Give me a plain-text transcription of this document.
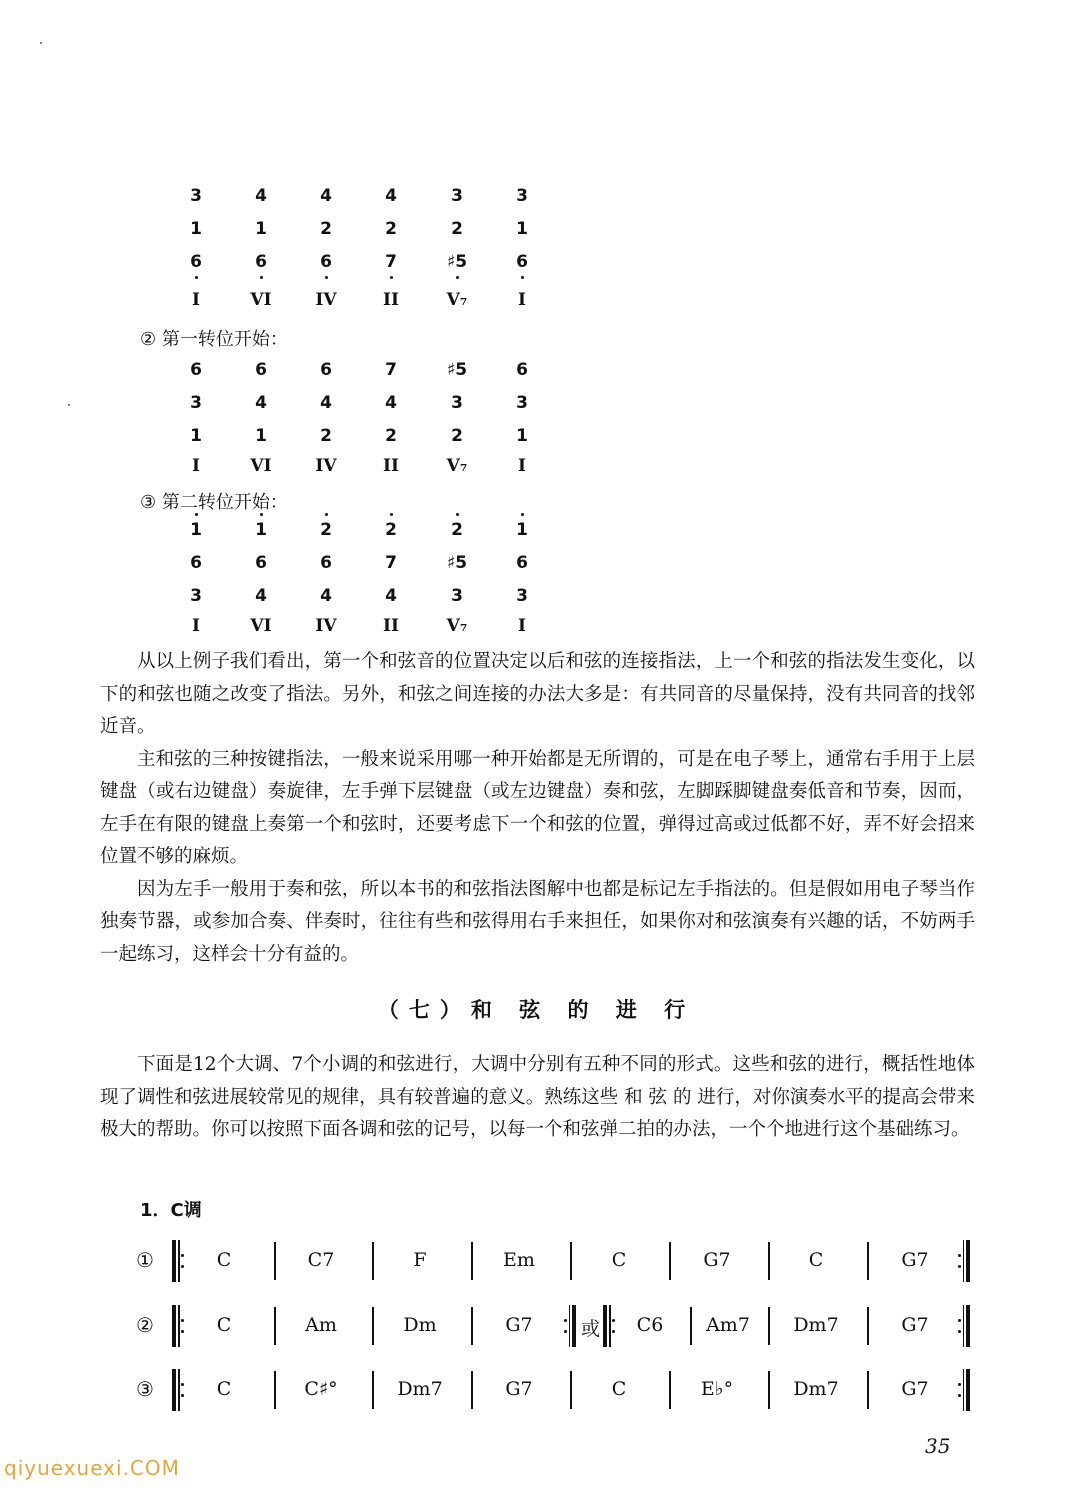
3	4	4	4	3	3
1	1	2	2	2	1
6	6	6	7	♯5	6
I	VI	IV	II	V₇	I
② 第一转位开始：
6	6	6	7	♯5	6
3	4	4	4	3	3
1	1	2	2	2	1
I	VI	IV	II	V₇	I
③ 第二转位开始：
1	1	2	2	2	1
6	6	6	7	♯5	6
3	4	4	4	3	3
I	VI	IV	II	V₇	I

从以上例子我们看出，第一个和弦音的位置决定以后和弦的连接指法，上一个和弦的指法发生变化，以下的和弦也随之改变了指法。另外，和弦之间连接的办法大多是：有共同音的尽量保持，没有共同音的找邻近音。

主和弦的三种按键指法，一般来说采用哪一种开始都是无所谓的，可是在电子琴上，通常右手用于上层键盘（或右边键盘）奏旋律，左手弹下层键盘（或左边键盘）奏和弦，左脚踩脚键盘奏低音和节奏，因而，左手在有限的键盘上奏第一个和弦时，还要考虑下一个和弦的位置，弹得过高或过低都不好，弄不好会招来位置不够的麻烦。

因为左手一般用于奏和弦，所以本书的和弦指法图解中也都是标记左手指法的。但是假如用电子琴当作独奏节器，或参加合奏、伴奏时，往往有些和弦得用右手来担任，如果你对和弦演奏有兴趣的话，不妨两手一起练习，这样会十分有益的。

（七）和 弦 的 进 行

下面是12个大调、7个小调的和弦进行，大调中分别有五种不同的形式。这些和弦的进行，概括性地体现了调性和弦进展较常见的规律，具有较普遍的意义。熟练这些 和 弦 的 进行，对你演奏水平的提高会带来极大的帮助。你可以按照下面各调和弦的记号，以每一个和弦弹二拍的办法，一个个地进行这个基础练习。

1．C调
①	C	C7	F	Em	C	G7	C	G7
②	C	Am	Dm	G7	或	C6	Am7	Dm7	G7
③	C	C♯°	Dm7	G7	C	E♭°	Dm7	G7
35
qiyuexuexi.COM
